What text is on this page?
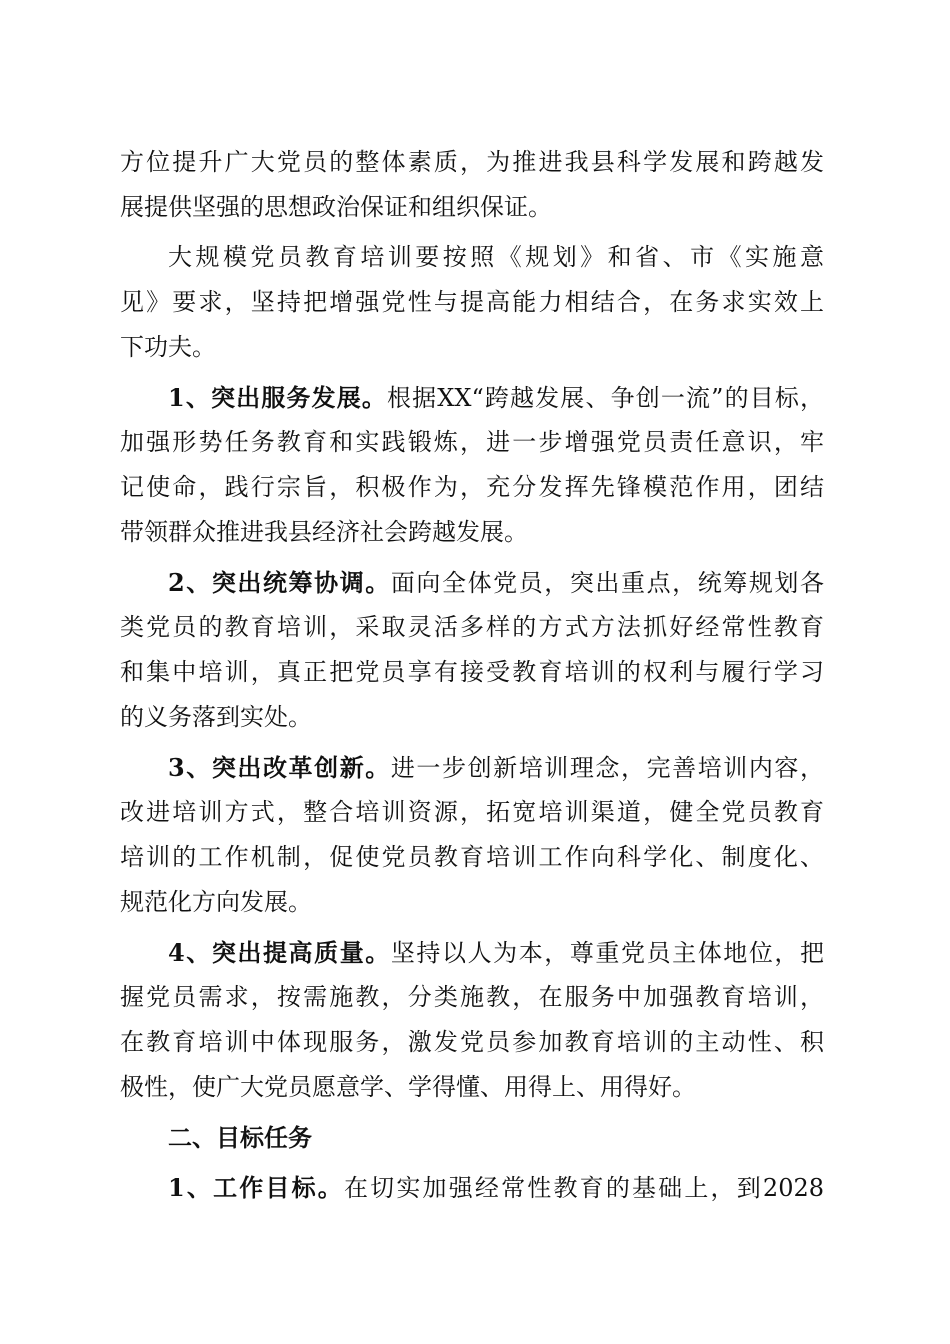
方位提升广大党员的整体素质，为推进我县科学发展和跨越发
展提供坚强的思想政治保证和组织保证。
大规模党员教育培训要按照《规划》和省、市《实施意
见》要求，坚持把增强党性与提高能力相结合，在务求实效上
下功夫。
1、突出服务发展。根据XX“跨越发展、争创一流”的目标，
加强形势任务教育和实践锻炼，进一步增强党员责任意识，牢
记使命，践行宗旨，积极作为，充分发挥先锋模范作用，团结
带领群众推进我县经济社会跨越发展。
2、突出统筹协调。面向全体党员，突出重点，统筹规划各
类党员的教育培训，采取灵活多样的方式方法抓好经常性教育
和集中培训，真正把党员享有接受教育培训的权利与履行学习
的义务落到实处。
3、突出改革创新。进一步创新培训理念，完善培训内容，
改进培训方式，整合培训资源，拓宽培训渠道，健全党员教育
培训的工作机制，促使党员教育培训工作向科学化、制度化、
规范化方向发展。
4、突出提高质量。坚持以人为本，尊重党员主体地位，把
握党员需求，按需施教，分类施教，在服务中加强教育培训，
在教育培训中体现服务，激发党员参加教育培训的主动性、积
极性，使广大党员愿意学、学得懂、用得上、用得好。
二、目标任务
1、工作目标。在切实加强经常性教育的基础上，到2028
